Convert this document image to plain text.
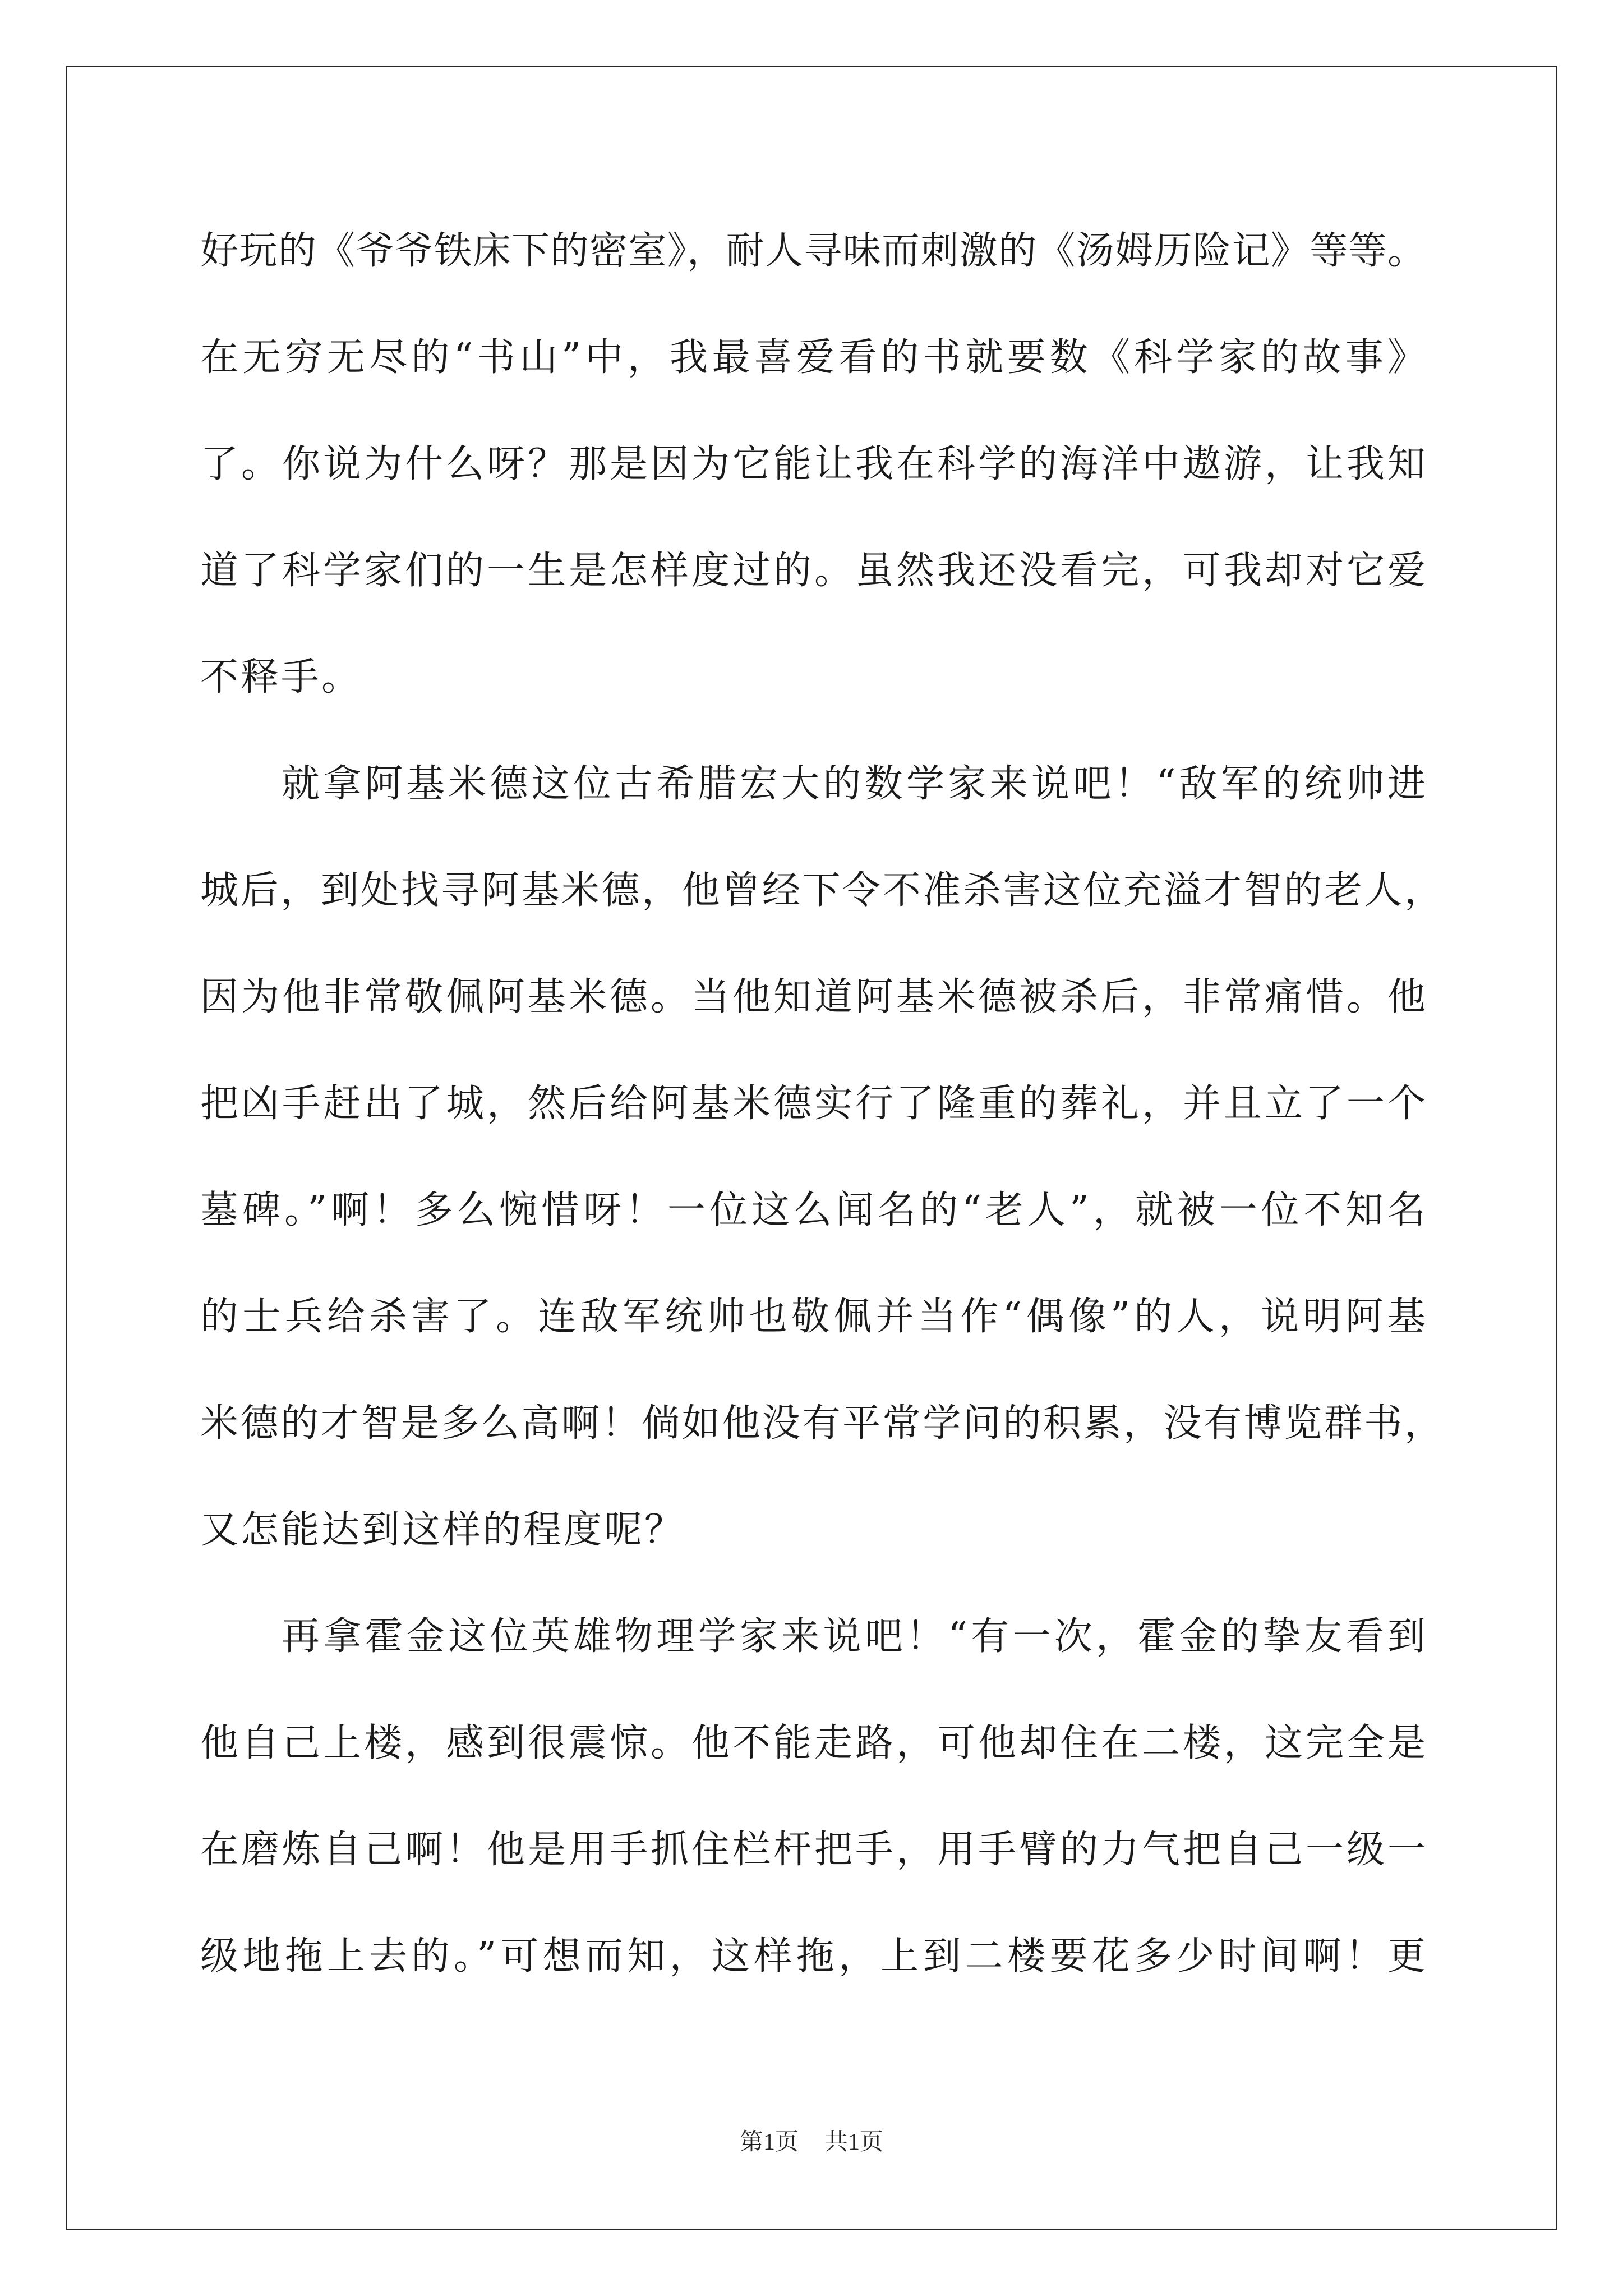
好玩的《爷爷铁床下的密室》，耐人寻味而刺激的《汤姆历险记》等等。
在无穷无尽的“书山”中，我最喜爱看的书就要数《科学家的故事》
了。你说为什么呀？那是因为它能让我在科学的海洋中遨游，让我知
道了科学家们的一生是怎样度过的。虽然我还没看完，可我却对它爱
不释手。
就拿阿基米德这位古希腊宏大的数学家来说吧！“敌军的统帅进
城后，到处找寻阿基米德，他曾经下令不准杀害这位充溢才智的老人，
因为他非常敬佩阿基米德。当他知道阿基米德被杀后，非常痛惜。他
把凶手赶出了城，然后给阿基米德实行了隆重的葬礼，并且立了一个
墓碑。”啊！多么惋惜呀！一位这么闻名的“老人”，就被一位不知名
的士兵给杀害了。连敌军统帅也敬佩并当作“偶像”的人，说明阿基
米德的才智是多么高啊！倘如他没有平常学问的积累，没有博览群书，
又怎能达到这样的程度呢？
再拿霍金这位英雄物理学家来说吧！“有一次，霍金的挚友看到
他自己上楼，感到很震惊。他不能走路，可他却住在二楼，这完全是
在磨炼自己啊！他是用手抓住栏杆把手，用手臂的力气把自己一级一
级地拖上去的。”可想而知，这样拖，上到二楼要花多少时间啊！更
第1页 共1页
